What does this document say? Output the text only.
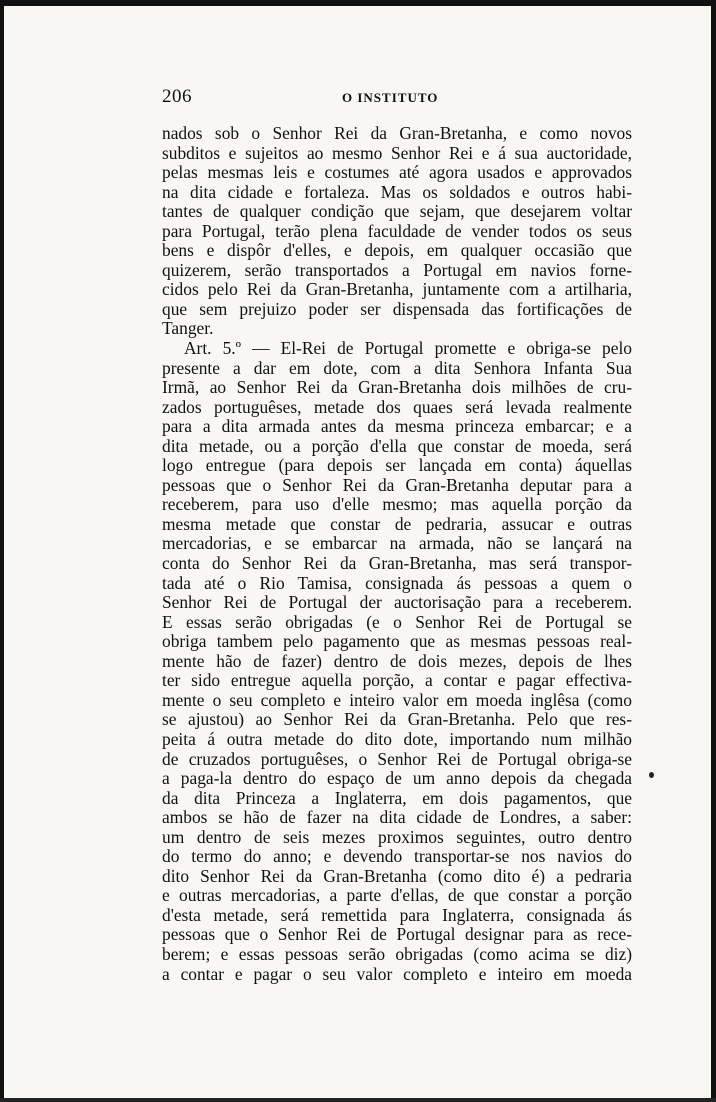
206	O INSTITUTO
nados sob o Senhor Rei da Gran-Bretanha, e como novos
subditos e sujeitos ao mesmo Senhor Rei e á sua auctoridade,
pelas mesmas leis e costumes até agora usados e approvados
na dita cidade e fortaleza. Mas os soldados e outros habi-
tantes de qualquer condição que sejam, que desejarem voltar
para Portugal, terão plena faculdade de vender todos os seus
bens e dispôr d'elles, e depois, em qualquer occasião que
quizerem, serão transportados a Portugal em navios forne-
cidos pelo Rei da Gran-Bretanha, juntamente com a artilharia,
que sem prejuizo poder ser dispensada das fortificações de
Tanger.
Art. 5.º — El-Rei de Portugal promette e obriga-se pelo
presente a dar em dote, com a dita Senhora Infanta Sua
Irmã, ao Senhor Rei da Gran-Bretanha dois milhões de cru-
zados portuguêses, metade dos quaes será levada realmente
para a dita armada antes da mesma princeza embarcar; e a
dita metade, ou a porção d'ella que constar de moeda, será
logo entregue (para depois ser lançada em conta) áquellas
pessoas que o Senhor Rei da Gran-Bretanha deputar para a
receberem, para uso d'elle mesmo; mas aquella porção da
mesma metade que constar de pedraria, assucar e outras
mercadorias, e se embarcar na armada, não se lançará na
conta do Senhor Rei da Gran-Bretanha, mas será transpor-
tada até o Rio Tamisa, consignada ás pessoas a quem o
Senhor Rei de Portugal der auctorisação para a receberem.
E essas serão obrigadas (e o Senhor Rei de Portugal se
obriga tambem pelo pagamento que as mesmas pessoas real-
mente hão de fazer) dentro de dois mezes, depois de lhes
ter sido entregue aquella porção, a contar e pagar effectiva-
mente o seu completo e inteiro valor em moeda inglêsa (como
se ajustou) ao Senhor Rei da Gran-Bretanha. Pelo que res-
peita á outra metade do dito dote, importando num milhão
de cruzados portuguêses, o Senhor Rei de Portugal obriga-se
a paga-la dentro do espaço de um anno depois da chegada
da dita Princeza a Inglaterra, em dois pagamentos, que
ambos se hão de fazer na dita cidade de Londres, a saber:
um dentro de seis mezes proximos seguintes, outro dentro
do termo do anno; e devendo transportar-se nos navios do
dito Senhor Rei da Gran-Bretanha (como dito é) a pedraria
e outras mercadorias, a parte d'ellas, de que constar a porção
d'esta metade, será remettida para Inglaterra, consignada ás
pessoas que o Senhor Rei de Portugal designar para as rece-
berem; e essas pessoas serão obrigadas (como acima se diz)
a contar e pagar o seu valor completo e inteiro em moeda
